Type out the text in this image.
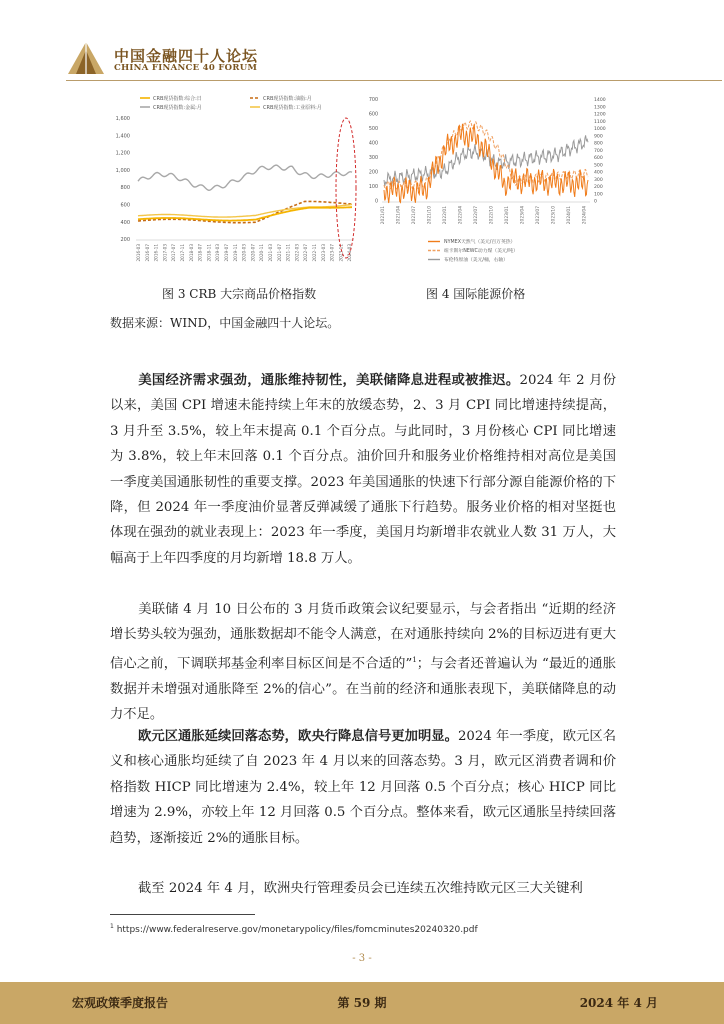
中国金融四十人论坛
CHINA FINANCE 40 FORUM
CRB现货指数:综合:日	CRB现货指数:油脂:月
CRB现货指数:金属:月	CRB现货指数:工业原料:月
1,600
1,400
1,200
1,000
800
600
400
200
2016-03 2016-07 2016-11 2017-03 2017-07 2017-11 2018-03 2018-07 2018-11 2019-03 2019-07 2019-11 2020-03 2020-07 2020-11 2021-03 2021-07 2021-11 2022-03 2022-07 2022-11 2023-03 2023-07 2023-11 2024-03
图 3 CRB 大宗商品价格指数
700
600
500
400
300
200
100
0
1400
1300
1200
1100
1000
900
800
700
600
500
400
300
200
100
0
2021/01 2021/04 2021/07 2021/10 2022/01 2022/04 2022/07 2022/10 2023/01 2023/04 2023/07 2023/10 2024/01 2024/04
NYMEX天然气（美元/百万英热）
纽卡斯尔NEWC动力煤（美元/吨）
布伦特原油（美元/桶，右轴）
图 4 国际能源价格
数据来源：WIND，中国金融四十人论坛。
美国经济需求强劲，通胀维持韧性，美联储降息进程或被推迟。2024 年 2 月份以来，美国 CPI 增速未能持续上年末的放缓态势，2、3 月 CPI 同比增速持续提高，3 月升至 3.5%，较上年末提高 0.1 个百分点。与此同时，3 月份核心 CPI 同比增速为 3.8%，较上年末回落 0.1 个百分点。油价回升和服务业价格维持相对高位是美国一季度美国通胀韧性的重要支撑。2023 年美国通胀的快速下行部分源自能源价格的下降，但 2024 年一季度油价显著反弹减缓了通胀下行趋势。服务业价格的相对坚挺也体现在强劲的就业表现上：2023 年一季度，美国月均新增非农就业人数 31 万人，大幅高于上年四季度的月均新增 18.8 万人。
美联储 4 月 10 日公布的 3 月货币政策会议纪要显示，与会者指出 “近期的经济增长势头较为强劲，通胀数据却不能令人满意，在对通胀持续向 2%的目标迈进有更大信心之前，下调联邦基金利率目标区间是不合适的”$^1$；与会者还普遍认为 “最近的通胀数据并未增强对通胀降至 2%的信心”。在当前的经济和通胀表现下，美联储降息的动力不足。
欧元区通胀延续回落态势，欧央行降息信号更加明显。2024 年一季度，欧元区名义和核心通胀均延续了自 2023 年 4 月以来的回落态势。3 月，欧元区消费者调和价格指数 HICP 同比增速为 2.4%，较上年 12 月回落 0.5 个百分点；核心 HICP 同比增速为 2.9%，亦较上年 12 月回落 0.5 个百分点。整体来看，欧元区通胀呈持续回落趋势，逐渐接近 2%的通胀目标。
截至 2024 年 4 月，欧洲央行管理委员会已连续五次维持欧元区三大关键利
$^1$ https://www.federalreserve.gov/monetarypolicy/files/fomcminutes20240320.pdf
- 3 -
宏观政策季度报告	第 59 期	2024 年 4 月
